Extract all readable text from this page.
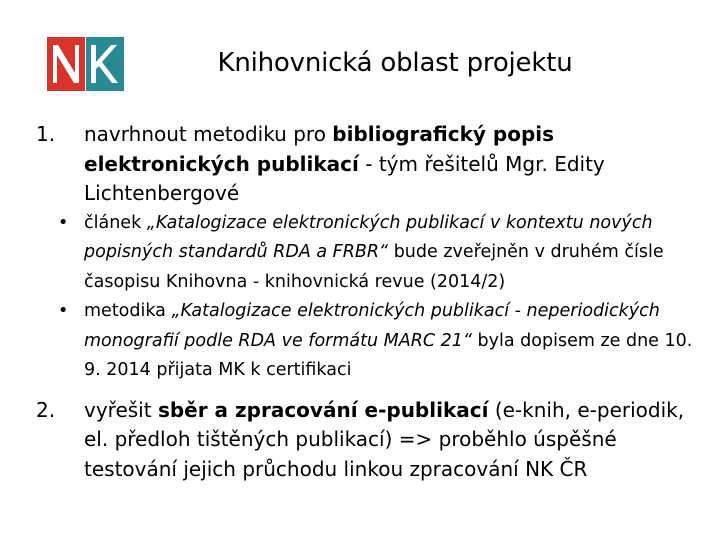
Knihovnická oblast projektu
1. navrhnout metodiku pro bibliografický popis elektronických publikací - tým řešitelů Mgr. Edity Lichtenbergové
• článek „Katalogizace elektronických publikací v kontextu nových popisných standardů RDA a FRBR“ bude zveřejněn v druhém čísle časopisu Knihovna - knihovnická revue (2014/2)
• metodika „Katalogizace elektronických publikací - neperiodických monografií podle RDA ve formátu MARC 21“ byla dopisem ze dne 10. 9. 2014 přijata MK k certifikaci
2. vyřešit sběr a zpracování e-publikací (e-knih, e-periodik, el. předloh tištěných publikací) => proběhlo úspěšné testování jejich průchodu linkou zpracování NK ČR
